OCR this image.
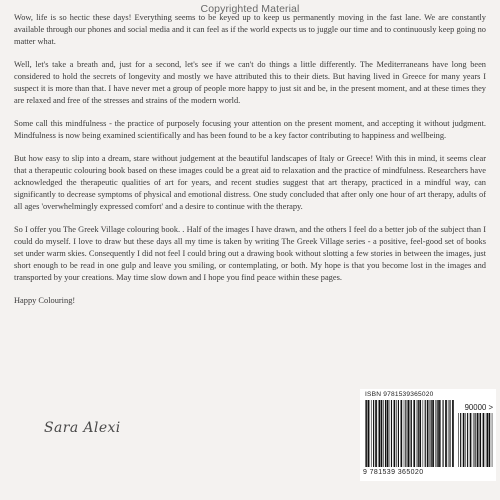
Copyrighted Material

Wow, life is so hectic these days! Everything seems to be keyed up to keep us permanently moving in the fast lane. We are constantly available through our phones and social media and it can feel as if the world expects us to juggle our time and to continuously keep going no matter what.

Well, let's take a breath and, just for a second, let's see if we can't do things a little differently. The Mediterraneans have long been considered to hold the secrets of longevity and mostly we have attributed this to their diets. But having lived in Greece for many years I suspect it is more than that. I have never met a group of people more happy to just sit and be, in the present moment, and at these times they are relaxed and free of the stresses and strains of the modern world.

Some call this mindfulness - the practice of purposely focusing your attention on the present moment, and accepting it without judgment. Mindfulness is now being examined scientifically and has been found to be a key factor contributing to happiness and wellbeing.

But how easy to slip into a dream, stare without judgement at the beautiful landscapes of Italy or Greece! With this in mind, it seems clear that a therapeutic colouring book based on these images could be a great aid to relaxation and the practice of mindfulness. Researchers have acknowledged the therapeutic qualities of art for years, and recent studies suggest that art therapy, practiced in a mindful way, can significantly to decrease symptoms of physical and emotional distress. One study concluded that after only one hour of art therapy, adults of all ages 'overwhelmingly expressed comfort' and a desire to continue with the therapy.

So I offer you The Greek Village colouring book. . Half of the images I have drawn, and the others I feel do a better job of the subject than I could do myself. I love to draw but these days all my time is taken by writing The Greek Village series - a positive, feel-good set of books set under warm skies. Consequently I did not feel I could bring out a drawing book without slotting a few stories in between the images, just short enough to be read in one gulp and leave you smiling, or contemplating, or both. My hope is that you become lost in the images and transported by your creations. May time slow down and I hope you find peace within these pages.

Happy Colouring!

Sara Alexi
ISBN 9781539365020
90000 >
9 781539 365020
